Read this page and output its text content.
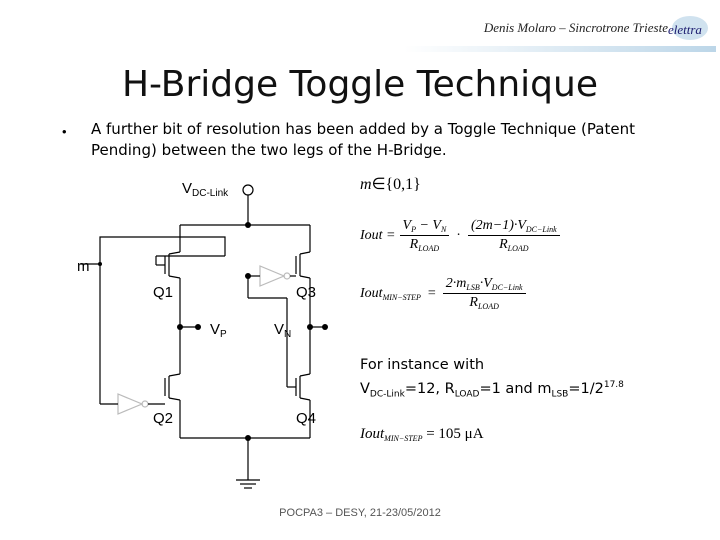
Denis Molaro – Sincrotrone Trieste elettra
H-Bridge Toggle Technique
• A further bit of resolution has been added by a Toggle Technique (Patent Pending) between the two legs of the H-Bridge.
$V_{DC-Link}$
m
Q1	Q3
Q2	Q4
$V_P$	$V_N$
m∈{0,1}
Iout = $\frac{V_P - V_N}{R_{LOAD}} \cdot \frac{(2m-1)\cdot V_{DC-Link}}{R_{LOAD}}$
Iout$_{MIN-STEP}$ = $\frac{2\cdot m_{LSB}\cdot V_{DC-Link}}{R_{LOAD}}$
For instance with
$V_{DC-Link}=12$, $R_{LOAD}=1$ and $m_{LSB}=1/2^{17.8}$
Iout$_{MIN-STEP}$ = 105 μA
POCPA3 – DESY, 21-23/05/2012
